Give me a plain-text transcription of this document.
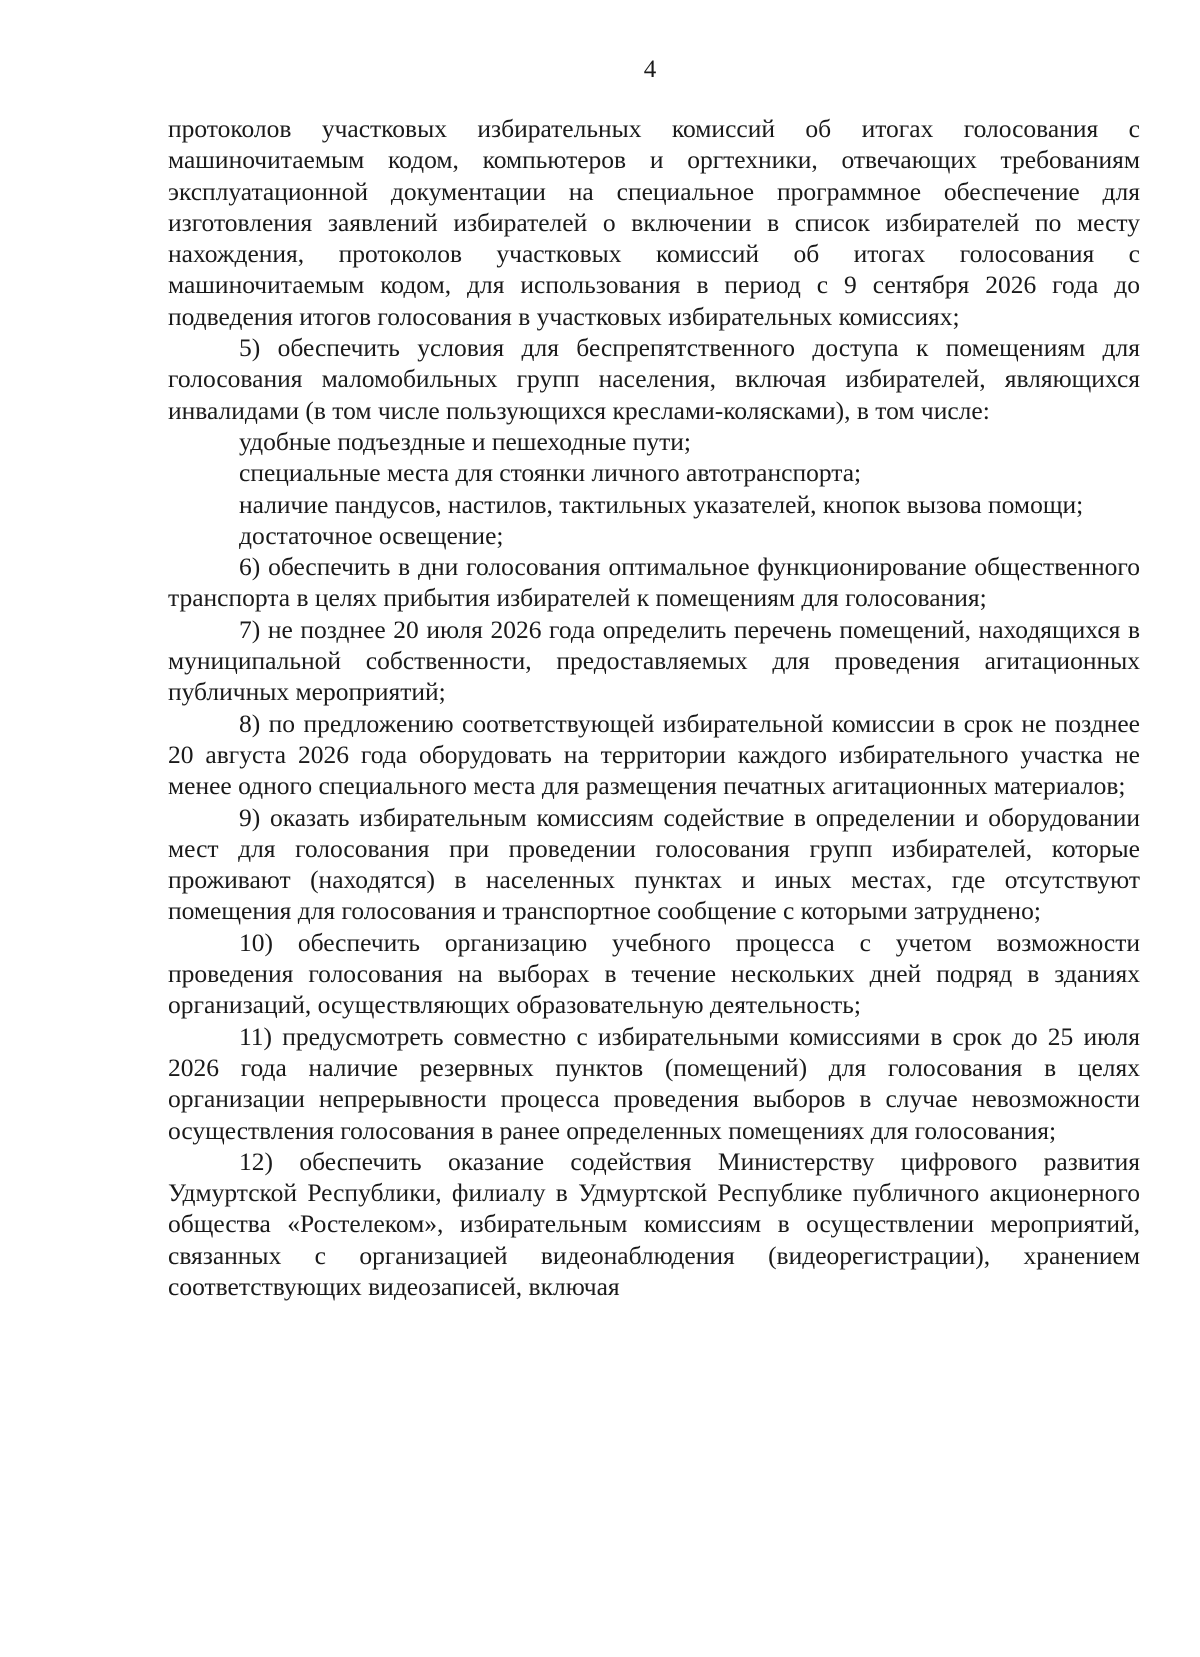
4

протоколов участковых избирательных комиссий об итогах голосования с машиночитаемым кодом, компьютеров и оргтехники, отвечающих требованиям эксплуатационной документации на специальное программное обеспечение для изготовления заявлений избирателей о включении в список избирателей по месту нахождения, протоколов участковых комиссий об итогах голосования с машиночитаемым кодом, для использования в период с 9 сентября 2026 года до подведения итогов голосования в участковых избирательных комиссиях;

5) обеспечить условия для беспрепятственного доступа к помещениям для голосования маломобильных групп населения, включая избирателей, являющихся инвалидами (в том числе пользующихся креслами-колясками), в том числе:

удобные подъездные и пешеходные пути;

специальные места для стоянки личного автотранспорта;

наличие пандусов, настилов, тактильных указателей, кнопок вызова помощи;

достаточное освещение;

6) обеспечить в дни голосования оптимальное функционирование общественного транспорта в целях прибытия избирателей к помещениям для голосования;

7) не позднее 20 июля 2026 года определить перечень помещений, находящихся в муниципальной собственности, предоставляемых для проведения агитационных публичных мероприятий;

8) по предложению соответствующей избирательной комиссии в срок не позднее 20 августа 2026 года оборудовать на территории каждого избирательного участка не менее одного специального места для размещения печатных агитационных материалов;

9) оказать избирательным комиссиям содействие в определении и оборудовании мест для голосования при проведении голосования групп избирателей, которые проживают (находятся) в населенных пунктах и иных местах, где отсутствуют помещения для голосования и транспортное сообщение с которыми затруднено;

10) обеспечить организацию учебного процесса с учетом возможности проведения голосования на выборах в течение нескольких дней подряд в зданиях организаций, осуществляющих образовательную деятельность;

11) предусмотреть совместно с избирательными комиссиями в срок до 25 июля 2026 года наличие резервных пунктов (помещений) для голосования в целях организации непрерывности процесса проведения выборов в случае невозможности осуществления голосования в ранее определенных помещениях для голосования;

12) обеспечить оказание содействия Министерству цифрового развития Удмуртской Республики, филиалу в Удмуртской Республике публичного акционерного общества «Ростелеком», избирательным комиссиям в осуществлении мероприятий, связанных с организацией видеонаблюдения (видеорегистрации), хранением соответствующих видеозаписей, включая
